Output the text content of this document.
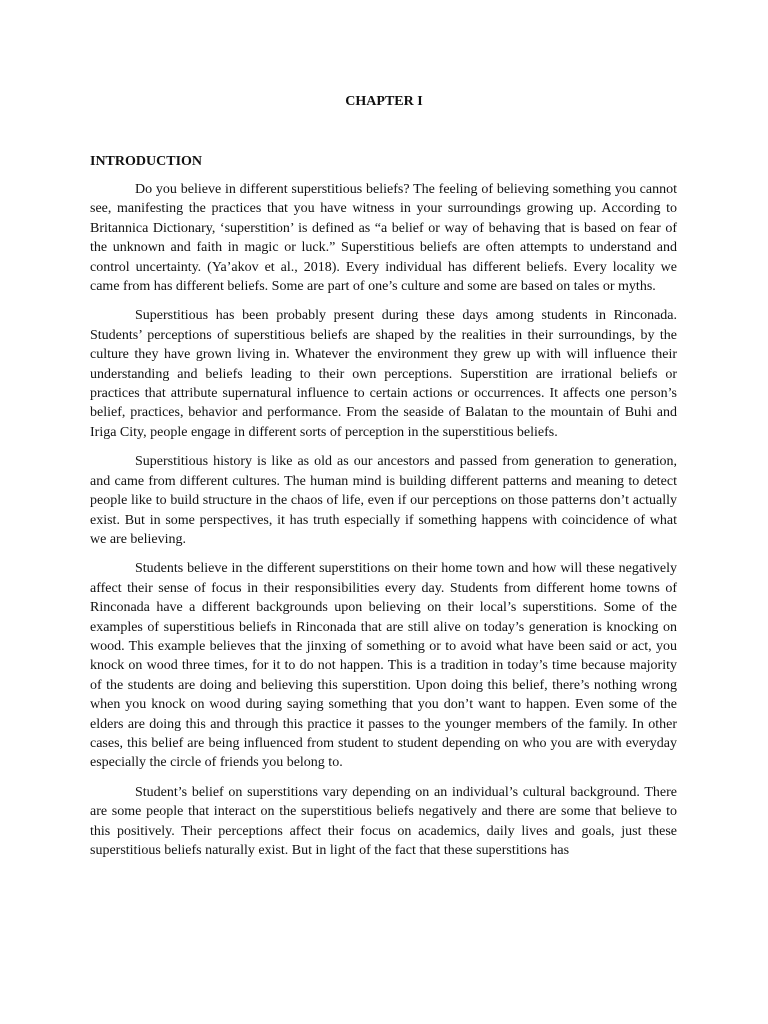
CHAPTER I
INTRODUCTION

Do you believe in different superstitious beliefs? The feeling of believing something you cannot see, manifesting the practices that you have witness in your surroundings growing up. According to Britannica Dictionary, ‘superstition’ is defined as “a belief or way of behaving that is based on fear of the unknown and faith in magic or luck.” Superstitious beliefs are often attempts to understand and control uncertainty. (Ya’akov et al., 2018). Every individual has different beliefs. Every locality we came from has different beliefs. Some are part of one’s culture and some are based on tales or myths.

Superstitious has been probably present during these days among students in Rinconada. Students’ perceptions of superstitious beliefs are shaped by the realities in their surroundings, by the culture they have grown living in. Whatever the environment they grew up with will influence their understanding and beliefs leading to their own perceptions. Superstition are irrational beliefs or practices that attribute supernatural influence to certain actions or occurrences. It affects one person’s belief, practices, behavior and performance. From the seaside of Balatan to the mountain of Buhi and Iriga City, people engage in different sorts of perception in the superstitious beliefs.

Superstitious history is like as old as our ancestors and passed from generation to generation, and came from different cultures. The human mind is building different patterns and meaning to detect people like to build structure in the chaos of life, even if our perceptions on those patterns don’t actually exist. But in some perspectives, it has truth especially if something happens with coincidence of what we are believing.

Students believe in the different superstitions on their home town and how will these negatively affect their sense of focus in their responsibilities every day. Students from different home towns of Rinconada have a different backgrounds upon believing on their local’s superstitions. Some of the examples of superstitious beliefs in Rinconada that are still alive on today’s generation is knocking on wood. This example believes that the jinxing of something or to avoid what have been said or act, you knock on wood three times, for it to do not happen. This is a tradition in today’s time because majority of the students are doing and believing this superstition. Upon doing this belief, there’s nothing wrong when you knock on wood during saying something that you don’t want to happen. Even some of the elders are doing this and through this practice it passes to the younger members of the family. In other cases, this belief are being influenced from student to student depending on who you are with everyday especially the circle of friends you belong to.

Student’s belief on superstitions vary depending on an individual’s cultural background. There are some people that interact on the superstitious beliefs negatively and there are some that believe to this positively. Their perceptions affect their focus on academics, daily lives and goals, just these superstitious beliefs naturally exist. But in light of the fact that these superstitions has
